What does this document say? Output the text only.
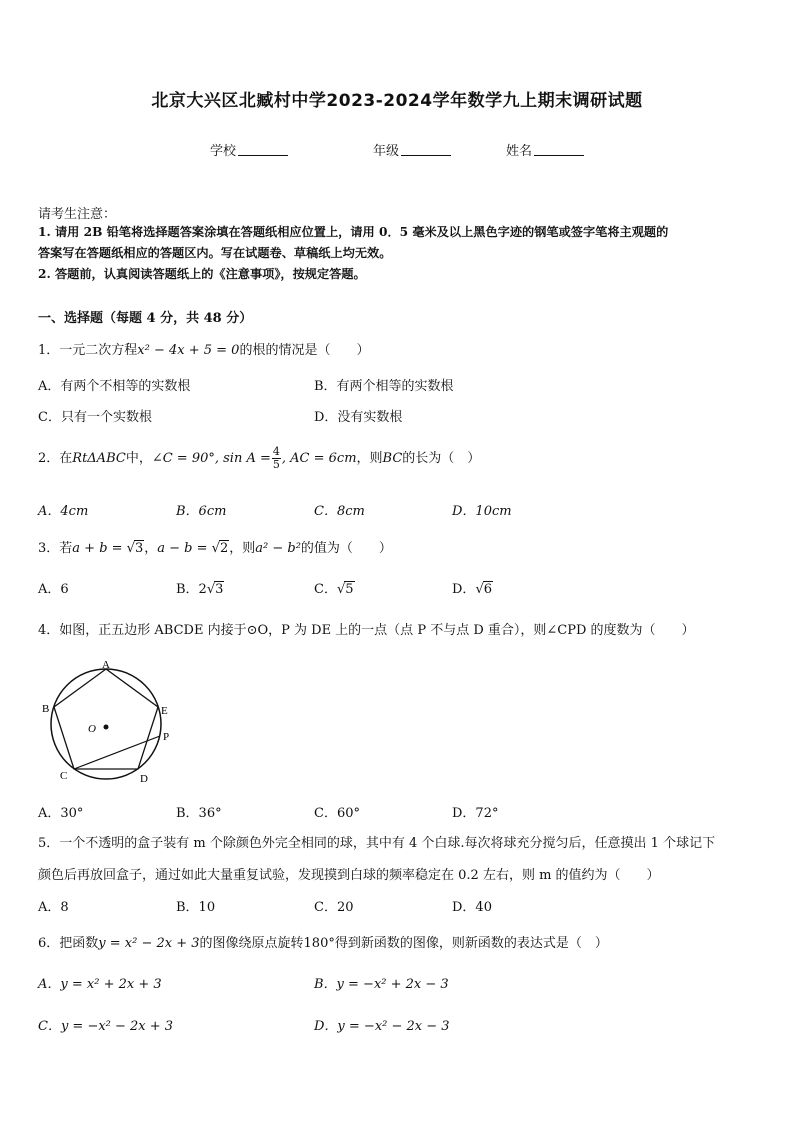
北京大兴区北臧村中学2023-2024学年数学九上期末调研试题
学校	年级	姓名
请考生注意：
1. 请用 2B 铅笔将选择题答案涂填在答题纸相应位置上，请用 0．5 毫米及以上黑色字迹的钢笔或签字笔将主观题的
答案写在答题纸相应的答题区内。写在试题卷、草稿纸上均无效。
2. 答题前，认真阅读答题纸上的《注意事项》，按规定答题。
一、选择题（每题 4 分，共 48 分）
1．一元二次方程x² − 4x + 5 = 0的根的情况是（　　）
A．有两个不相等的实数根	B．有两个相等的实数根
C．只有一个实数根	D．没有实数根
2．在RtΔABC中，∠C = 90°, $\sin A = \frac{4}{5}$ , AC = 6cm，则BC的长为（　）
A．4cm	B．6cm	C．8cm	D．10cm
3．若a + b = √3，a − b = √2，则a² − b²的值为（　　）
A．6	B．2√3	C．√5	D．√6
4．如图，正五边形 ABCDE 内接于⊙O，P 为 DE 上的一点（点 P 不与点 D 重合），则∠CPD 的度数为（　　）
A
B
C	D
E
P
O
A．30°	B．36°	C．60°	D．72°
5．一个不透明的盒子装有 m 个除颜色外完全相同的球，其中有 4 个白球.每次将球充分搅匀后，任意摸出 1 个球记下
颜色后再放回盒子，通过如此大量重复试验，发现摸到白球的频率稳定在 0.2 左右，则 m 的值约为（　　）
A．8	B．10	C．20	D．40
6．把函数y = x² − 2x + 3的图像绕原点旋转180°得到新函数的图像，则新函数的表达式是（　）
A．y = x² + 2x + 3	B．y = −x² + 2x − 3
C．y = −x² − 2x + 3	D．y = −x² − 2x − 3
